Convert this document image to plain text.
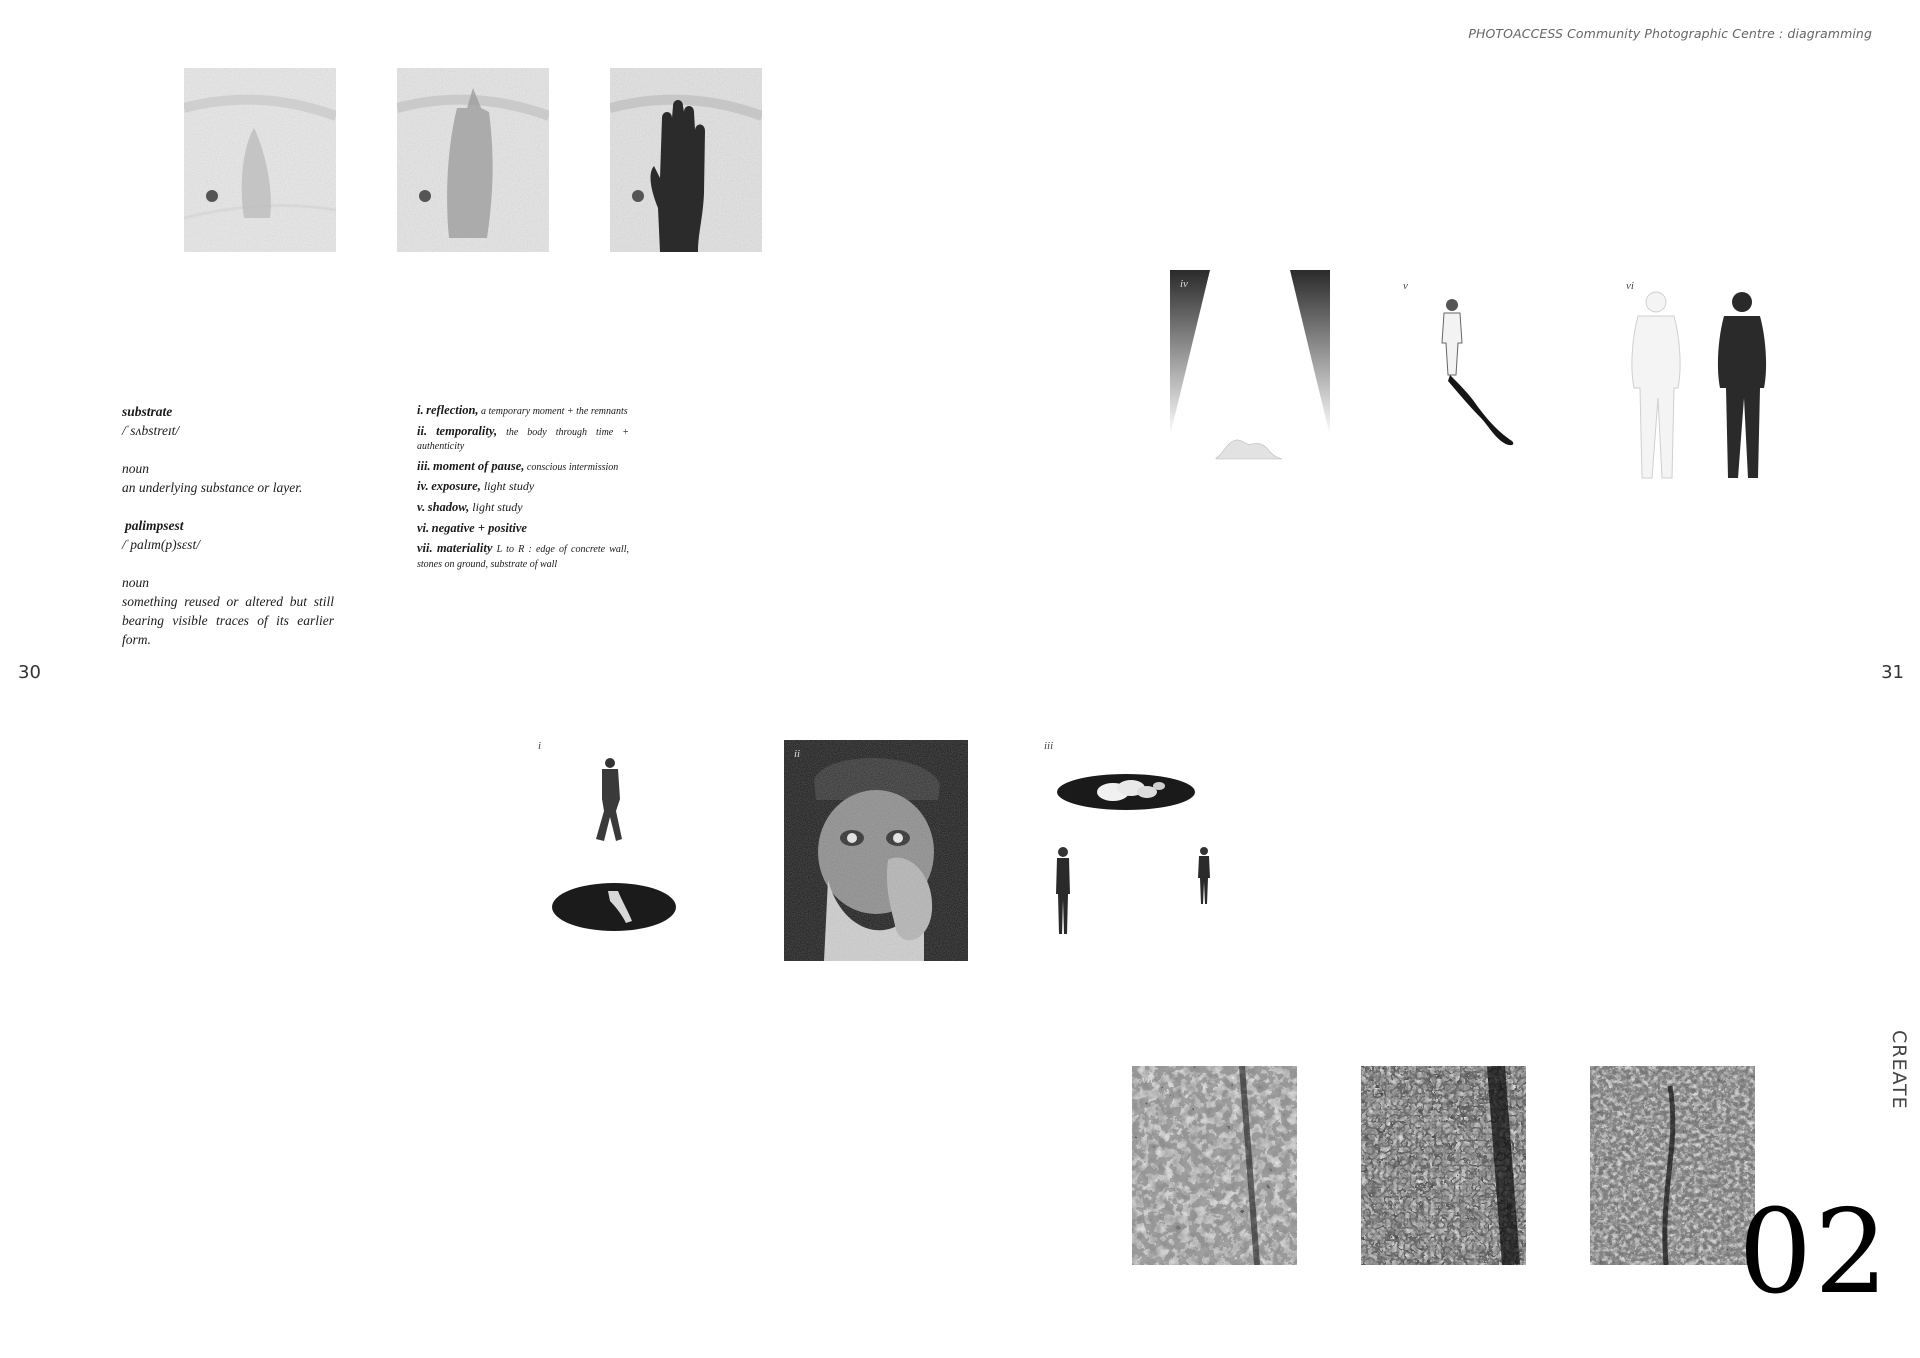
PHOTOACCESS Community Photographic Centre : diagramming
substrate
/ˈsʌbstreɪt/
noun
an underlying substance or layer.
palimpsest
/ˈpalɪm(p)sɛst/
noun
something reused or altered but still bearing visible traces of its earlier form.
i. reflection, a temporary moment + the remnants
ii. temporality, the body through time + authenticity
iii. moment of pause, conscious intermission
iv. exposure, light study
v. shadow, light study
vi. negative + positive
vii. materiality L to R : edge of concrete wall, stones on ground, substrate of wall
30	31
iv	v	vi
i
ii
iii
vii	CREATE
02
